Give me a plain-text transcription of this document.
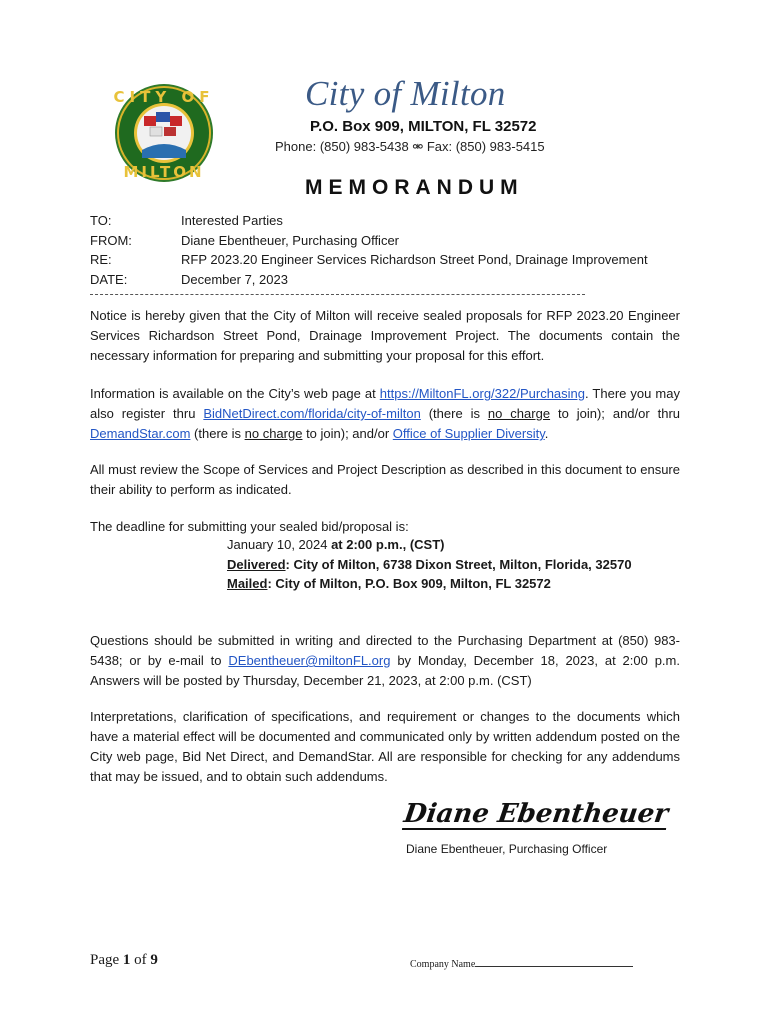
CITY OF
MILTON
City of Milton
P.O. Box 909, MILTON, FL 32572
Phone: (850) 983-5438 ⚮ Fax: (850) 983-5415
MEMORANDUM
TO:	Interested Parties
FROM:	Diane Ebentheuer, Purchasing Officer
RE:	RFP 2023.20 Engineer Services Richardson Street Pond, Drainage Improvement
DATE:	December 7, 2023

Notice is hereby given that the City of Milton will receive sealed proposals for RFP 2023.20 Engineer Services Richardson Street Pond, Drainage Improvement Project. The documents contain the necessary information for preparing and submitting your proposal for this effort.

Information is available on the City’s web page at https://MiltonFL.org/322/Purchasing. There you may also register thru BidNetDirect.com/florida/city-of-milton (there is no charge to join); and/or thru DemandStar.com (there is no charge to join); and/or Office of Supplier Diversity.

All must review the Scope of Services and Project Description as described in this document to ensure their ability to perform as indicated.

The deadline for submitting your sealed bid/proposal is:

January 10, 2024 at 2:00 p.m., (CST)
Delivered: City of Milton, 6738 Dixon Street, Milton, Florida, 32570
Mailed: City of Milton, P.O. Box 909, Milton, FL 32572

Questions should be submitted in writing and directed to the Purchasing Department at (850) 983-5438; or by e-mail to DEbentheuer@miltonFL.org by Monday, December 18, 2023, at 2:00 p.m. Answers will be posted by Thursday, December 21, 2023, at 2:00 p.m. (CST)

Interpretations, clarification of specifications, and requirement or changes to the documents which have a material effect will be documented and communicated only by written addendum posted on the City web page, Bid Net Direct, and DemandStar. All are responsible for checking for any addendums that may be issued, and to obtain such addendums.

Diane Ebentheuer
Diane Ebentheuer, Purchasing Officer
Page 1 of 9	Company Name
